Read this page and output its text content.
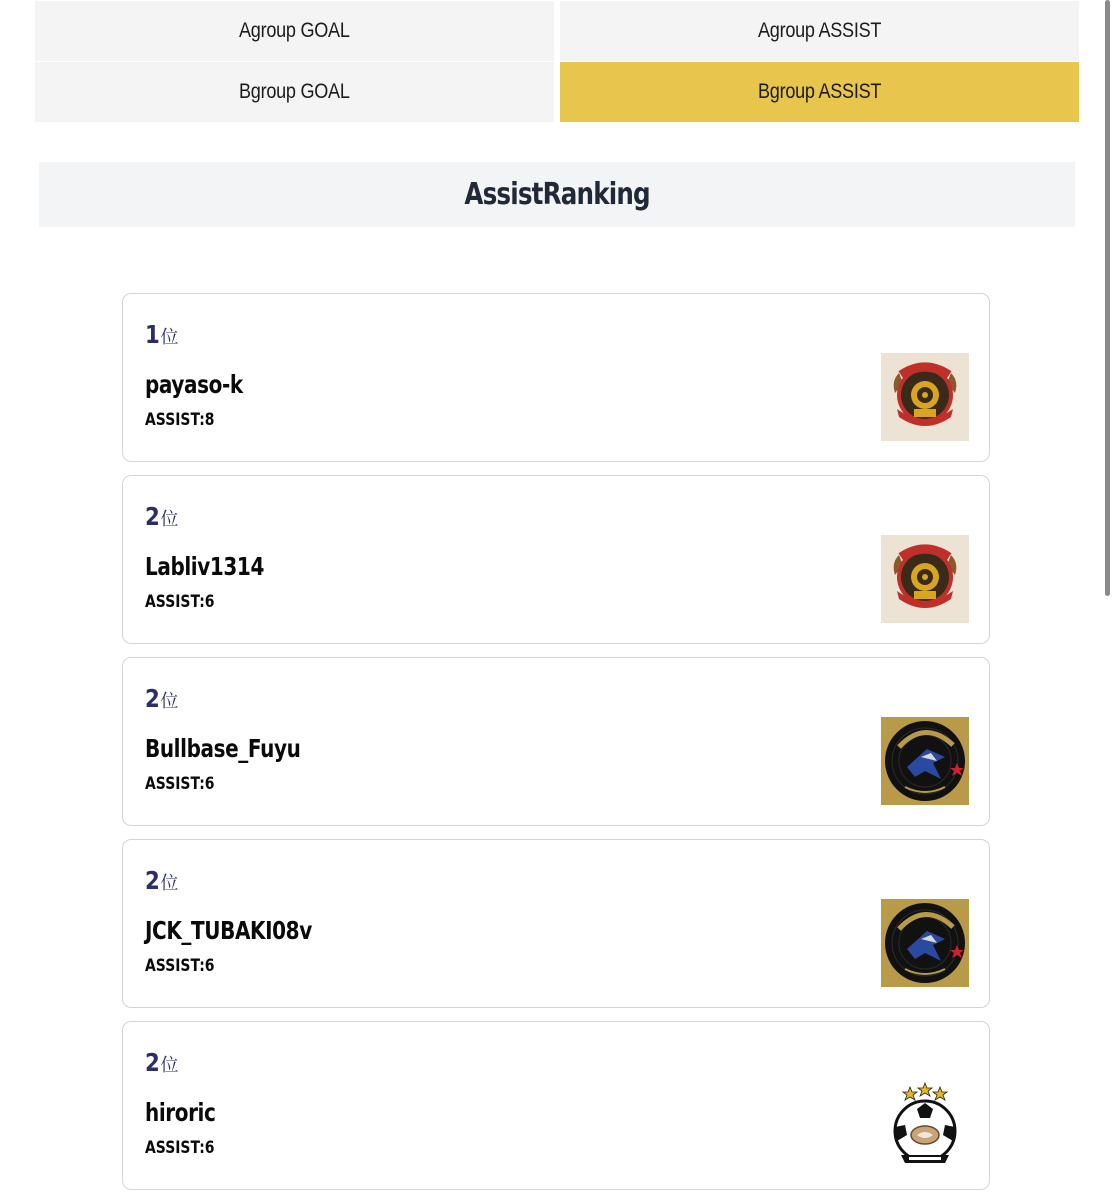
Agroup GOAL	Agroup ASSIST
Bgroup GOAL	Bgroup ASSIST
AssistRanking
1 位
payaso-k
ASSIST: 8
2 位
Labliv1314
ASSIST: 6
2 位
Bullbase_Fuyu
ASSIST: 6
2 位
JCK_TUBAKI08v
ASSIST: 6
2 位
hiroric
ASSIST: 6
